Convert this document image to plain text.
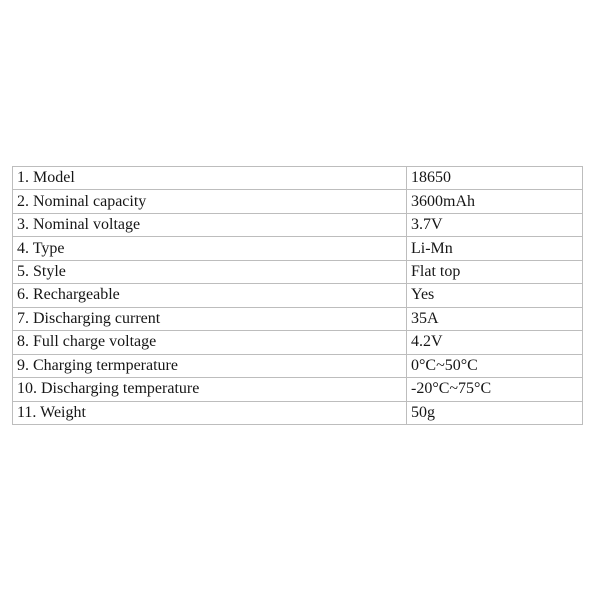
1. Model	18650
2. Nominal capacity	3600mAh
3. Nominal voltage	3.7V
4. Type	Li-Mn
5. Style	Flat top
6. Rechargeable	Yes
7. Discharging current	35A
8. Full charge voltage	4.2V
9. Charging termperature	0°C~50°C
10. Discharging temperature	-20°C~75°C
11. Weight	50g
